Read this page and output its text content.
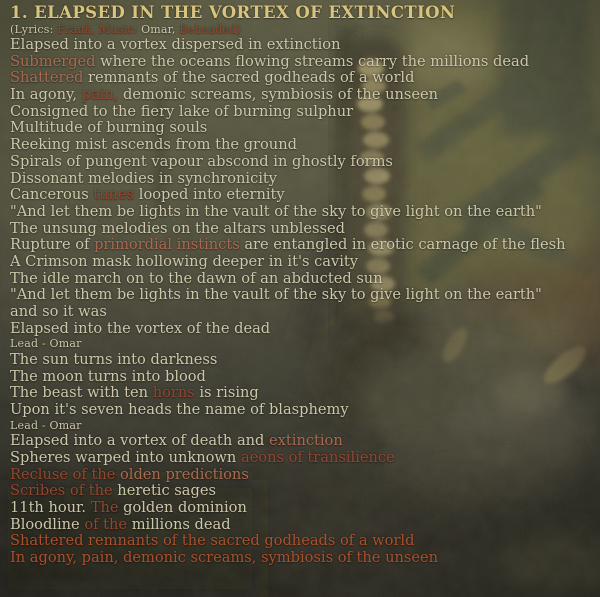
1. ELAPSED IN THE VORTEX OF EXTINCTION
(Lyrics: Frank, Music: Omar, Beheaded)
Elapsed into a vortex dispersed in extinction
Submerged where the oceans flowing streams carry the millions dead
Shattered remnants of the sacred godheads of a world
In agony, pain, demonic screams, symbiosis of the unseen
Consigned to the fiery lake of burning sulphur
Multitude of burning souls
Reeking mist ascends from the ground
Spirals of pungent vapour abscond in ghostly forms
Dissonant melodies in synchronicity
Cancerous tunes looped into eternity
"And let them be lights in the vault of the sky to give light on the earth"
The unsung melodies on the altars unblessed
Rupture of primordial instincts are entangled in erotic carnage of the flesh
A Crimson mask hollowing deeper in it's cavity
The idle march on to the dawn of an abducted sun
"And let them be lights in the vault of the sky to give light on the earth"
and so it was
Elapsed into the vortex of the dead
Lead - Omar
The sun turns into darkness
The moon turns into blood
The beast with ten horns is rising
Upon it's seven heads the name of blasphemy
Lead - Omar
Elapsed into a vortex of death and extinction
Spheres warped into unknown aeons of transilience
Recluse of the olden predictions
Scribes of the heretic sages
11th hour. The golden dominion
Bloodline of the millions dead
Shattered remnants of the sacred godheads of a world
In agony, pain, demonic screams, symbiosis of the unseen
